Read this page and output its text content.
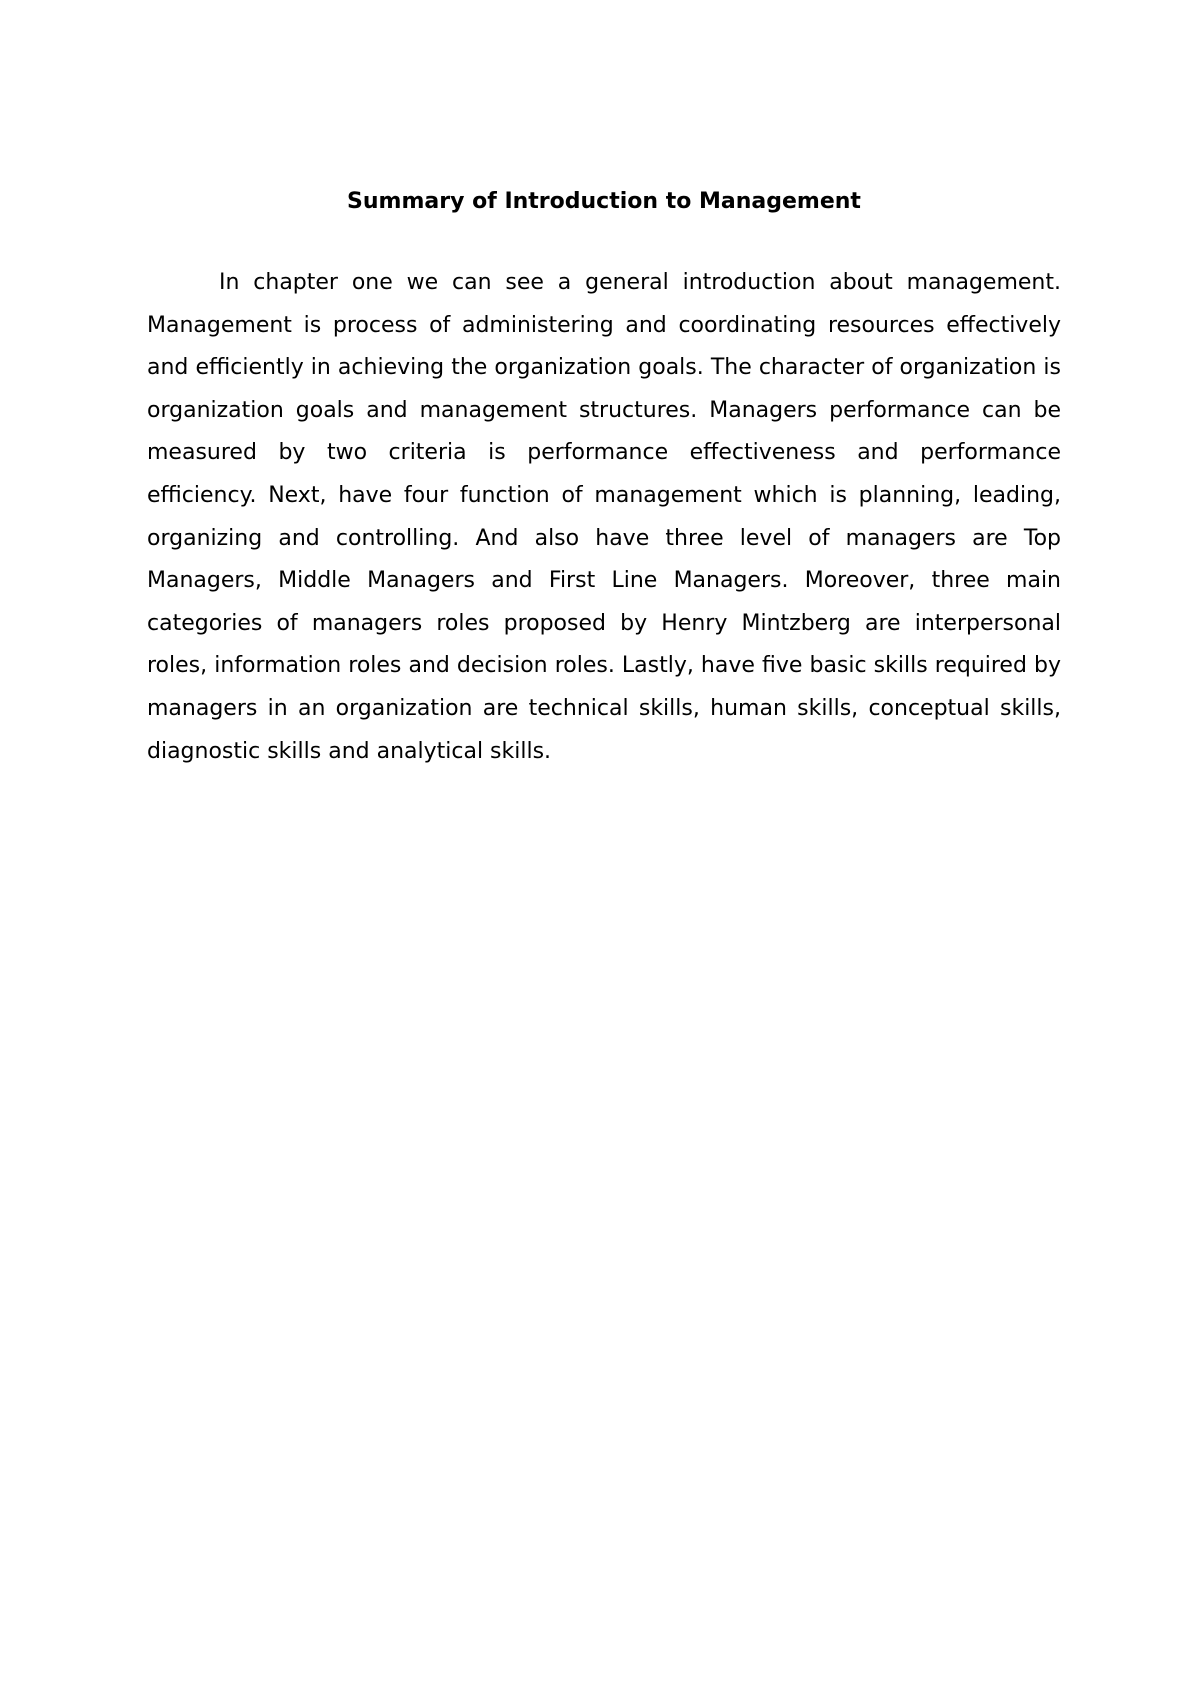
Summary of Introduction to Management

In chapter one we can see a general introduction about management. Management is process of administering and coordinating resources effectively and efficiently in achieving the organization goals. The character of organization is organization goals and management structures. Managers performance can be measured by two criteria is performance effectiveness and performance efficiency. Next, have four function of management which is planning, leading, organizing and controlling. And also have three level of managers are Top Managers, Middle Managers and First Line Managers. Moreover, three main categories of managers roles proposed by Henry Mintzberg are interpersonal roles, information roles and decision roles. Lastly, have five basic skills required by managers in an organization are technical skills, human skills, conceptual skills, diagnostic skills and analytical skills.
